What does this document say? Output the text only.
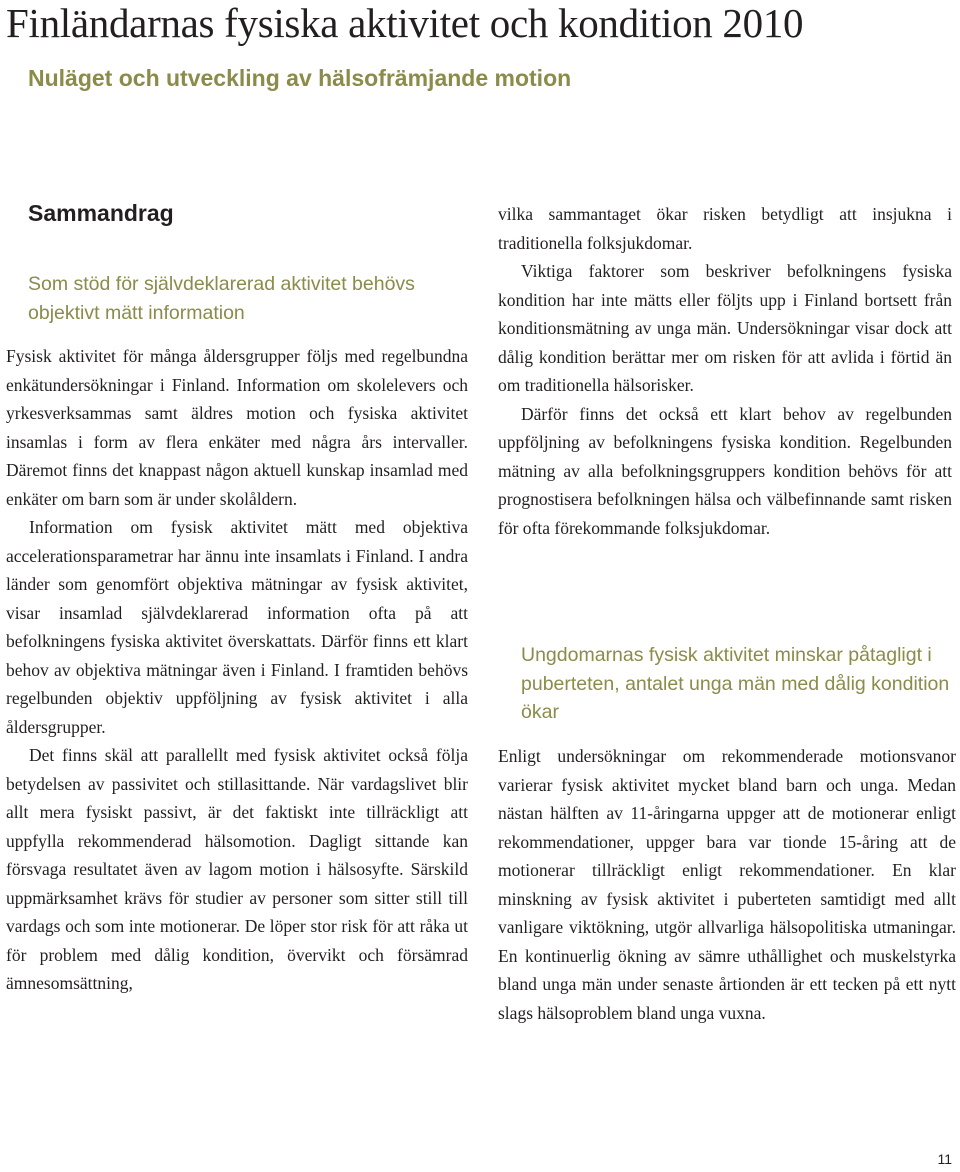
Finländarnas fysiska aktivitet och kondition 2010
Nuläget och utveckling av hälsofrämjande motion
Sammandrag
Som stöd för självdeklarerad aktivitet behövs objektivt mätt information

Fysisk aktivitet för många åldersgrupper följs med regelbundna enkätundersökningar i Finland. Information om skolelevers och yrkesverksammas samt äldres motion och fysiska aktivitet insamlas i form av flera enkäter med några års intervaller. Däremot finns det knappast någon aktuell kunskap insamlad med enkäter om barn som är under skolåldern.

Information om fysisk aktivitet mätt med objektiva accelerationsparametrar har ännu inte insamlats i Finland. I andra länder som genomfört objektiva mätningar av fysisk aktivitet, visar insamlad självdeklarerad information ofta på att befolkningens fysiska aktivitet överskattats. Därför finns ett klart behov av objektiva mätningar även i Finland. I framtiden behövs regelbunden objektiv uppföljning av fysisk aktivitet i alla åldersgrupper.

Det finns skäl att parallellt med fysisk aktivitet också följa betydelsen av passivitet och stillasittande. När vardagslivet blir allt mera fysiskt passivt, är det faktiskt inte tillräckligt att uppfylla rekommenderad hälsomotion. Dagligt sittande kan försvaga resultatet även av lagom motion i hälsosyfte. Särskild uppmärksamhet krävs för studier av personer som sitter still till vardags och som inte motionerar. De löper stor risk för att råka ut för problem med dålig kondition, övervikt och försämrad ämnesomsättning,

vilka sammantaget ökar risken betydligt att insjukna i traditionella folksjukdomar.

Viktiga faktorer som beskriver befolkningens fysiska kondition har inte mätts eller följts upp i Finland bortsett från konditionsmätning av unga män. Undersökningar visar dock att dålig kondition berättar mer om risken för att avlida i förtid än om traditionella hälsorisker.

Därför finns det också ett klart behov av regelbunden uppföljning av befolkningens fysiska kondition. Regelbunden mätning av alla befolkningsgruppers kondition behövs för att prognostisera befolkningen hälsa och välbefinnande samt risken för ofta förekommande folksjukdomar.

Ungdomarnas fysisk aktivitet minskar påtagligt i puberteten, antalet unga män med dålig kondition ökar

Enligt undersökningar om rekommenderade motionsvanor varierar fysisk aktivitet mycket bland barn och unga. Medan nästan hälften av 11-åringarna uppger att de motionerar enligt rekommendationer, uppger bara var tionde 15-åring att de motionerar tillräckligt enligt rekommendationer. En klar minskning av fysisk aktivitet i puberteten samtidigt med allt vanligare viktökning, utgör allvarliga hälsopolitiska utmaningar. En kontinuerlig ökning av sämre uthållighet och muskelstyrka bland unga män under senaste årtionden är ett tecken på ett nytt slags hälsoproblem bland unga vuxna.

11
